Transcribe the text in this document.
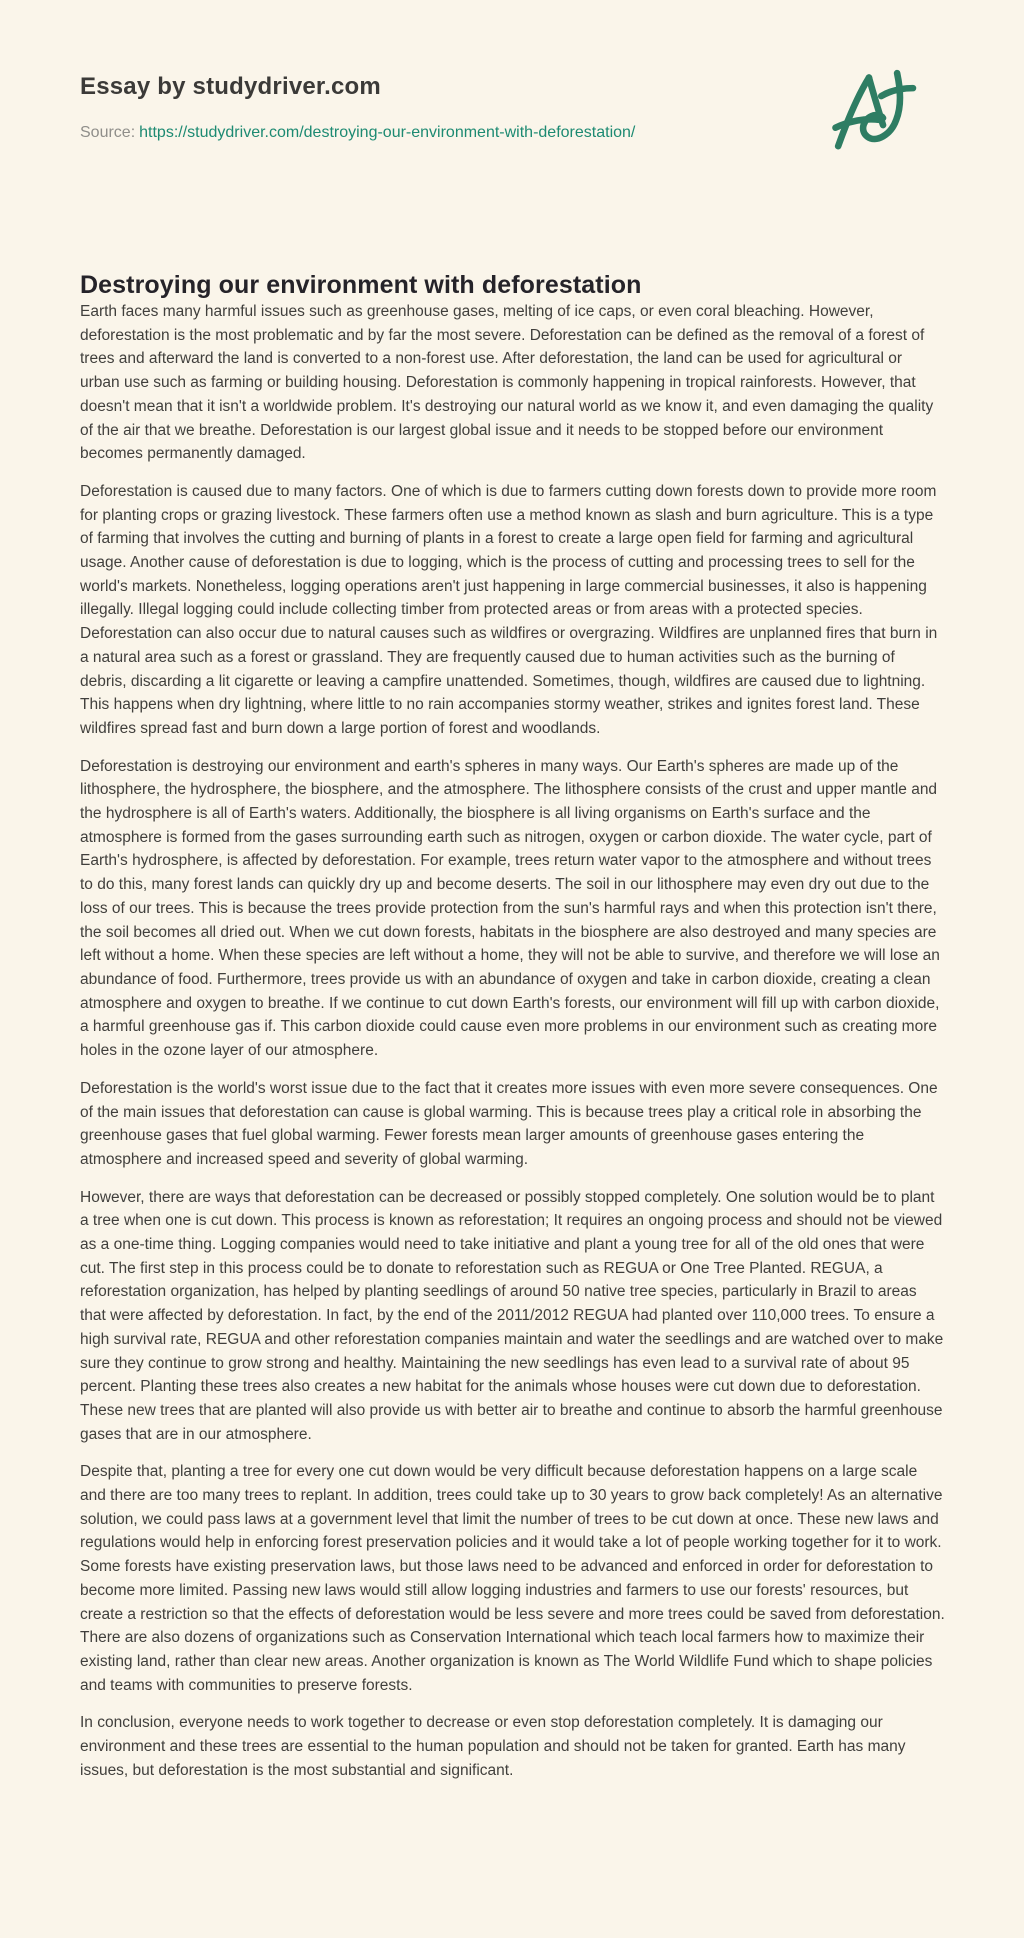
Essay by studydriver.com

Source: https://studydriver.com/destroying-our-environment-with-deforestation/

Destroying our environment with deforestation

Earth faces many harmful issues such as greenhouse gases, melting of ice caps, or even coral bleaching. However, deforestation is the most problematic and by far the most severe. Deforestation can be defined as the removal of a forest of trees and afterward the land is converted to a non-forest use. After deforestation, the land can be used for agricultural or urban use such as farming or building housing. Deforestation is commonly happening in tropical rainforests. However, that doesn't mean that it isn't a worldwide problem. It's destroying our natural world as we know it, and even damaging the quality of the air that we breathe. Deforestation is our largest global issue and it needs to be stopped before our environment becomes permanently damaged.

Deforestation is caused due to many factors. One of which is due to farmers cutting down forests down to provide more room for planting crops or grazing livestock. These farmers often use a method known as slash and burn agriculture. This is a type of farming that involves the cutting and burning of plants in a forest to create a large open field for farming and agricultural usage. Another cause of deforestation is due to logging, which is the process of cutting and processing trees to sell for the world's markets. Nonetheless, logging operations aren't just happening in large commercial businesses, it also is happening illegally. Illegal logging could include collecting timber from protected areas or from areas with a protected species. Deforestation can also occur due to natural causes such as wildfires or overgrazing. Wildfires are unplanned fires that burn in a natural area such as a forest or grassland. They are frequently caused due to human activities such as the burning of debris, discarding a lit cigarette or leaving a campfire unattended. Sometimes, though, wildfires are caused due to lightning. This happens when dry lightning, where little to no rain accompanies stormy weather, strikes and ignites forest land. These wildfires spread fast and burn down a large portion of forest and woodlands.

Deforestation is destroying our environment and earth's spheres in many ways. Our Earth's spheres are made up of the lithosphere, the hydrosphere, the biosphere, and the atmosphere. The lithosphere consists of the crust and upper mantle and the hydrosphere is all of Earth's waters. Additionally, the biosphere is all living organisms on Earth's surface and the atmosphere is formed from the gases surrounding earth such as nitrogen, oxygen or carbon dioxide. The water cycle, part of Earth's hydrosphere, is affected by deforestation. For example, trees return water vapor to the atmosphere and without trees to do this, many forest lands can quickly dry up and become deserts. The soil in our lithosphere may even dry out due to the loss of our trees. This is because the trees provide protection from the sun's harmful rays and when this protection isn't there, the soil becomes all dried out. When we cut down forests, habitats in the biosphere are also destroyed and many species are left without a home. When these species are left without a home, they will not be able to survive, and therefore we will lose an abundance of food. Furthermore, trees provide us with an abundance of oxygen and take in carbon dioxide, creating a clean atmosphere and oxygen to breathe. If we continue to cut down Earth's forests, our environment will fill up with carbon dioxide, a harmful greenhouse gas if. This carbon dioxide could cause even more problems in our environment such as creating more holes in the ozone layer of our atmosphere.

Deforestation is the world's worst issue due to the fact that it creates more issues with even more severe consequences. One of the main issues that deforestation can cause is global warming. This is because trees play a critical role in absorbing the greenhouse gases that fuel global warming. Fewer forests mean larger amounts of greenhouse gases entering the atmosphere and increased speed and severity of global warming.

However, there are ways that deforestation can be decreased or possibly stopped completely. One solution would be to plant a tree when one is cut down. This process is known as reforestation; It requires an ongoing process and should not be viewed as a one-time thing. Logging companies would need to take initiative and plant a young tree for all of the old ones that were cut. The first step in this process could be to donate to reforestation such as REGUA or One Tree Planted. REGUA, a reforestation organization, has helped by planting seedlings of around 50 native tree species, particularly in Brazil to areas that were affected by deforestation. In fact, by the end of the 2011/2012 REGUA had planted over 110,000 trees. To ensure a high survival rate, REGUA and other reforestation companies maintain and water the seedlings and are watched over to make sure they continue to grow strong and healthy. Maintaining the new seedlings has even lead to a survival rate of about 95 percent. Planting these trees also creates a new habitat for the animals whose houses were cut down due to deforestation. These new trees that are planted will also provide us with better air to breathe and continue to absorb the harmful greenhouse gases that are in our atmosphere.

Despite that, planting a tree for every one cut down would be very difficult because deforestation happens on a large scale and there are too many trees to replant. In addition, trees could take up to 30 years to grow back completely! As an alternative solution, we could pass laws at a government level that limit the number of trees to be cut down at once. These new laws and regulations would help in enforcing forest preservation policies and it would take a lot of people working together for it to work. Some forests have existing preservation laws, but those laws need to be advanced and enforced in order for deforestation to become more limited. Passing new laws would still allow logging industries and farmers to use our forests' resources, but create a restriction so that the effects of deforestation would be less severe and more trees could be saved from deforestation. There are also dozens of organizations such as Conservation International which teach local farmers how to maximize their existing land, rather than clear new areas. Another organization is known as The World Wildlife Fund which to shape policies and teams with communities to preserve forests.

In conclusion, everyone needs to work together to decrease or even stop deforestation completely. It is damaging our environment and these trees are essential to the human population and should not be taken for granted. Earth has many issues, but deforestation is the most substantial and significant.
